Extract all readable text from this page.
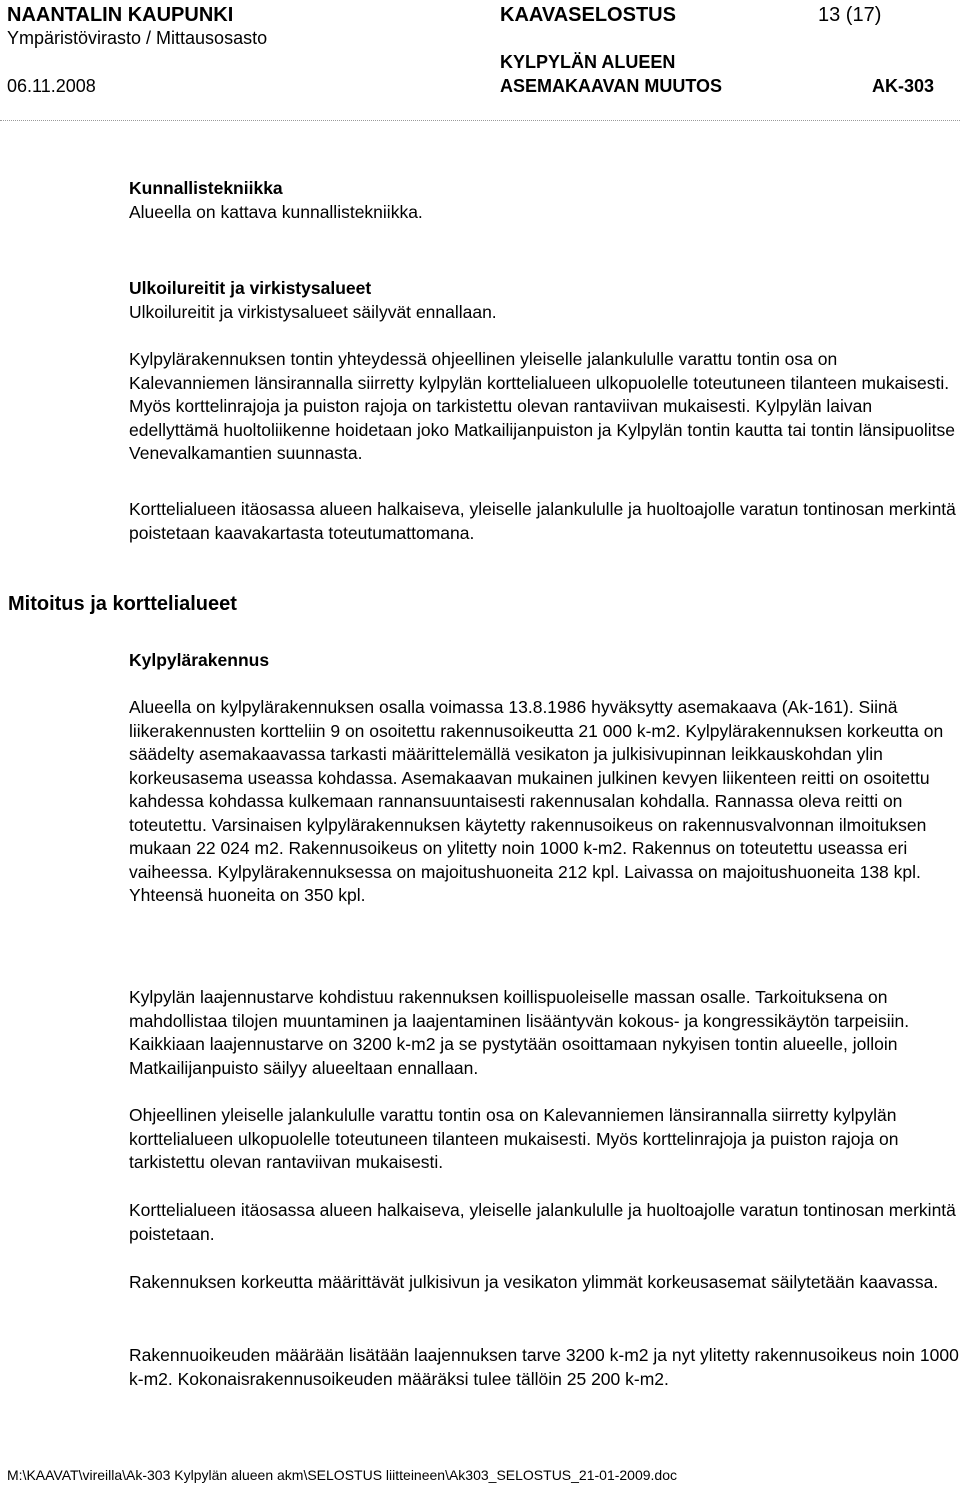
NAANTALIN KAUPUNKI
Ympäristövirasto / Mittausosasto
06.11.2008
KAAVASELOSTUS	13 (17)
KYLPYLÄN ALUEEN
ASEMAKAAVAN MUUTOS	AK-303
Kunnallistekniikka
Alueella on kattava kunnallistekniikka.
Ulkoilureitit ja virkistysalueet
Ulkoilureitit ja virkistysalueet säilyvät ennallaan.
Kylpylärakennuksen tontin yhteydessä ohjeellinen yleiselle jalankululle varattu tontin osa on Kalevanniemen länsirannalla siirretty kylpylän korttelialueen ulkopuolelle toteutuneen tilanteen mukaisesti. Myös korttelinrajoja ja puiston rajoja on tarkistettu olevan rantaviivan mukaisesti. Kylpylän laivan edellyttämä huoltoliikenne hoidetaan joko Matkailijanpuiston ja Kylpylän tontin kautta tai tontin länsipuolitse Venevalkamantien suunnasta.
Korttelialueen itäosassa alueen halkaiseva, yleiselle jalankululle ja huoltoajolle varatun tontinosan merkintä poistetaan kaavakartasta toteutumattomana.
Mitoitus ja korttelialueet
Kylpylärakennus
Alueella on kylpylärakennuksen osalla voimassa 13.8.1986 hyväksytty asemakaava (Ak-161). Siinä liikerakennusten kortteliin 9 on osoitettu rakennusoikeutta 21 000 k-m2. Kylpylärakennuksen korkeutta on säädelty asemakaavassa tarkasti määrittelemällä vesikaton ja julkisivupinnan leikkauskohdan ylin korkeusasema useassa kohdassa. Asemakaavan mukainen julkinen kevyen liikenteen reitti on osoitettu kahdessa kohdassa kulkemaan rannansuuntaisesti rakennusalan kohdalla. Rannassa oleva reitti on toteutettu. Varsinaisen kylpylärakennuksen käytetty rakennusoikeus on rakennusvalvonnan ilmoituksen mukaan 22 024 m2. Rakennusoikeus on ylitetty noin 1000 k-m2. Rakennus on toteutettu useassa eri vaiheessa. Kylpylärakennuksessa on majoitushuoneita 212 kpl. Laivassa on majoitushuoneita 138 kpl. Yhteensä huoneita on 350 kpl.
Kylpylän laajennustarve kohdistuu rakennuksen koillispuoleiselle massan osalle. Tarkoituksena on mahdollistaa tilojen muuntaminen ja laajentaminen lisääntyvän kokous- ja kongressikäytön tarpeisiin. Kaikkiaan laajennustarve on 3200 k-m2 ja se pystytään osoittamaan nykyisen tontin alueelle, jolloin Matkailijanpuisto säilyy alueeltaan ennallaan.
Ohjeellinen yleiselle jalankululle varattu tontin osa on Kalevanniemen länsirannalla siirretty kylpylän korttelialueen ulkopuolelle toteutuneen tilanteen mukaisesti. Myös korttelinrajoja ja puiston rajoja on tarkistettu olevan rantaviivan mukaisesti.
Korttelialueen itäosassa alueen halkaiseva, yleiselle jalankululle ja huoltoajolle varatun tontinosan merkintä poistetaan.
Rakennuksen korkeutta määrittävät julkisivun ja vesikaton ylimmät korkeusasemat säilytetään kaavassa.
Rakennuoikeuden määrään lisätään laajennuksen tarve 3200 k-m2 ja nyt ylitetty rakennusoikeus noin 1000 k-m2. Kokonaisrakennusoikeuden määräksi tulee tällöin 25 200 k-m2.
M:\KAAVAT\vireilla\Ak-303 Kylpylän alueen akm\SELOSTUS liitteineen\Ak303_SELOSTUS_21-01-2009.doc
